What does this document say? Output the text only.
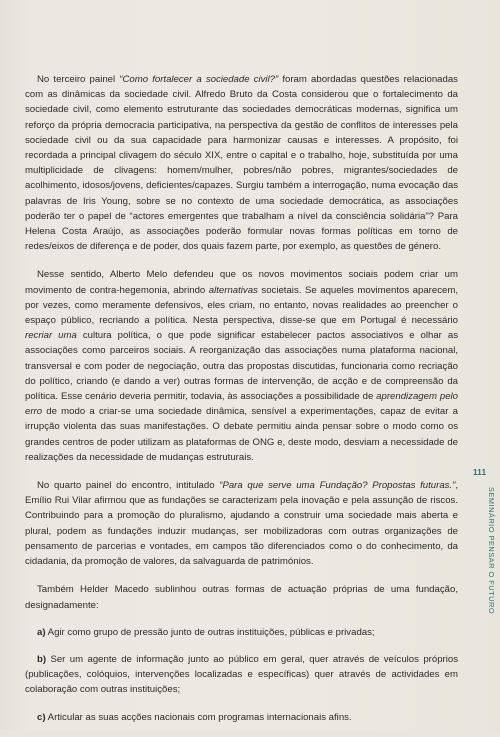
No terceiro painel “Como fortalecer a sociedade civil?” foram abordadas questões relacionadas com as dinâmicas da sociedade civil. Alfredo Bruto da Costa considerou que o fortalecimento da sociedade civil, como elemento estruturante das sociedades democráticas modernas, significa um reforço da própria democracia participativa, na perspectiva da gestão de conflitos de interesses pela sociedade civil ou da sua capacidade para harmonizar causas e interesses. A propósito, foi recordada a principal clivagem do século XIX, entre o capital e o trabalho, hoje, substituída por uma multiplicidade de clivagens: homem/mulher, pobres/não pobres, migrantes/sociedades de acolhimento, idosos/jovens, deficientes/capazes. Surgiu também a interrogação, numa evocação das palavras de Iris Young, sobre se no contexto de uma sociedade democrática, as associações poderão ter o papel de “actores emergentes que trabalham a nível da consciência solidária”? Para Helena Costa Araújo, as associações poderão formular novas formas políticas em torno de redes/eixos de diferença e de poder, dos quais fazem parte, por exemplo, as questões de género.

Nesse sentido, Alberto Melo defendeu que os novos movimentos sociais podem criar um movimento de contra-hegemonia, abrindo alternativas societais. Se aqueles movimentos aparecem, por vezes, como meramente defensivos, eles criam, no entanto, novas realidades ao preencher o espaço público, recriando a política. Nesta perspectiva, disse-se que em Portugal é necessário recriar uma cultura política, o que pode significar estabelecer pactos associativos e olhar as associações como parceiros sociais. A reorganização das associações numa plataforma nacional, transversal e com poder de negociação, outra das propostas discutidas, funcionaria como recriação do político, criando (e dando a ver) outras formas de intervenção, de acção e de compreensão da política. Esse cenário deveria permitir, todavia, às associações a possibilidade de aprendizagem pelo erro de modo a criar-se uma sociedade dinâmica, sensível a experimentações, capaz de evitar a irrupção violenta das suas manifestações. O debate permitiu ainda pensar sobre o modo como os grandes centros de poder utilizam as plataformas de ONG e, deste modo, desviam a necessidade de realizações da necessidade de mudanças estruturais.

No quarto painel do encontro, intitulado “Para que serve uma Fundação? Propostas futuras.”, Emílio Rui Vilar afirmou que as fundações se caracterizam pela inovação e pela assunção de riscos. Contribuindo para a promoção do pluralismo, ajudando a construir uma sociedade mais aberta e plural, podem as fundações induzir mudanças, ser mobilizadoras com outras organizações de pensamento de parcerias e vontades, em campos tão diferenciados como o do conhecimento, da cidadania, da promoção de valores, da salvaguarda de patrimónios.

Também Helder Macedo sublinhou outras formas de actuação próprias de uma fundação, designadamente:

a) Agir como grupo de pressão junto de outras instituições, públicas e privadas;

b) Ser um agente de informação junto ao público em geral, quer através de veículos próprios (publicações, colóquios, intervenções localizadas e específicas) quer através de actividades em colaboração com outras instituições;

c) Articular as suas acções nacionais com programas internacionais afins.

111
SEMINÁRIO PENSAR O FUTURO
